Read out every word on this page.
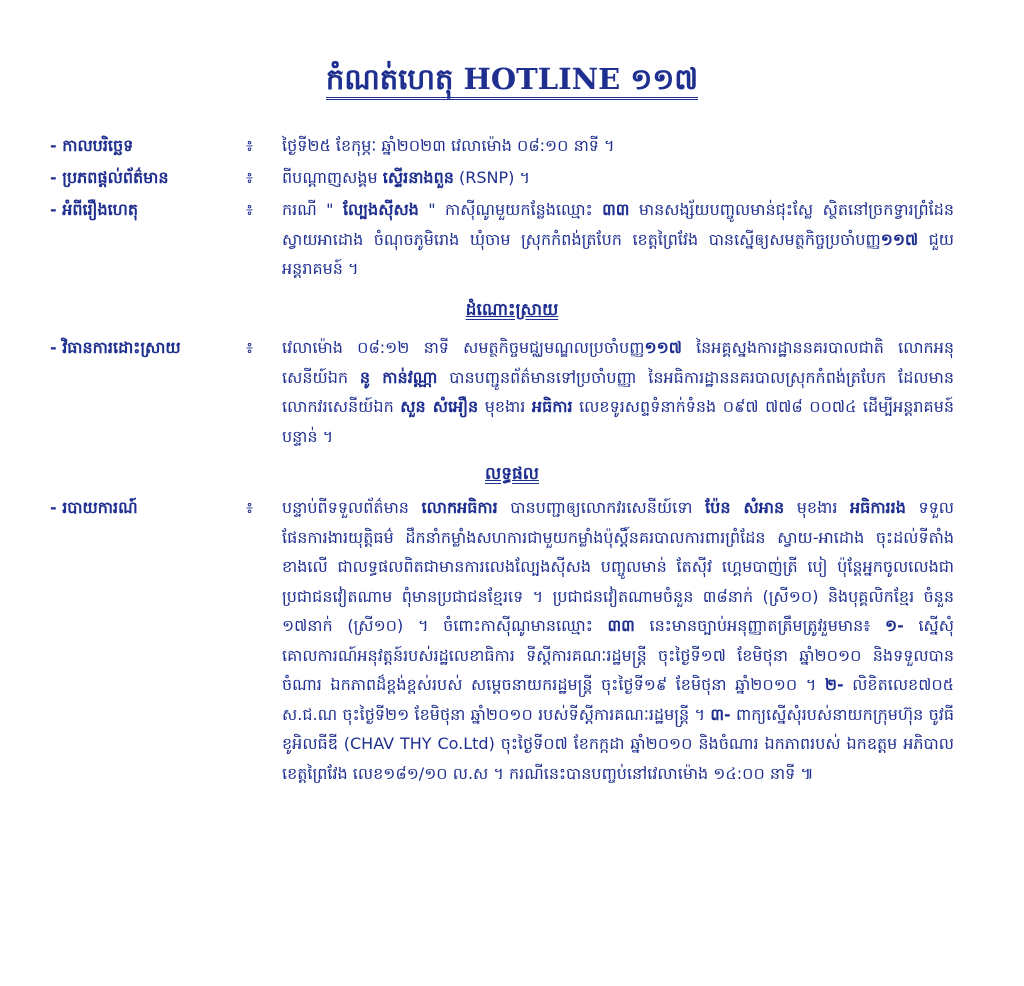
កំណត់ហេតុ HOTLINE ១១៧
- កាលបរិច្ឆេទ	៖	ថ្ងៃទី២៥ ខែកុម្ភៈ ឆ្នាំ២០២៣ វេលាម៉ោង ០៨:១០ នាទី ។
- ប្រភពផ្ដល់ព័ត៌មាន	៖	ពីបណ្ដាញសង្គម ស្ទើរនាងពួន (RSNP) ។
- អំពីរឿងហេតុ	៖	ករណី " ល្បែងស៊ីសង " កាស៊ីណូមួយកន្លែងឈ្មោះ ៣៣ មានសង្ស័យបញ្ចូលមាន់ជុះស្លែ ស្ថិតនៅច្រកទ្វារព្រំដែនស្វាយអាដោង ចំណុចភូមិរោង ឃុំចាម ស្រុកកំពង់ត្របែក ខេត្តព្រៃវែង បានស្នើឲ្យសមត្ថកិច្ចប្រចាំបញ្ញ១១៧ ជួយអន្តរាគមន៍ ។
ដំណោះស្រាយ
- វិធានការដោះស្រាយ	៖	វេលាម៉ោង ០៨:១២ នាទី សមត្ថកិច្ចមជ្ឈមណ្ឌលប្រចាំបញ្ញ១១៧ នៃអគ្គស្នងការដ្ឋាននគរបាលជាតិ លោកអនុសេនីយ៍ឯក នូ កាន់វណ្ណា បានបញ្ជូនព័ត៌មានទៅប្រចាំបញ្ញា នៃអធិការដ្ឋាននគរបាលស្រុកកំពង់ត្របែក ដែលមានលោកវរសេនីយ៍ឯក សួន សំអឿន មុខងារ អធិការ លេខទូរសព្ទទំនាក់ទំនង ០៩៧ ៧៧៨ ០០៧៤ ដើម្បីអន្តរាគមន៍បន្ទាន់ ។
លទ្ធផល
- របាយការណ៍	៖	បន្ទាប់ពីទទួលព័ត៌មាន លោកអធិការ បានបញ្ជាឲ្យលោកវរសេនីយ៍ទោ ប៉ែន សំអាន មុខងារ អធិការរង ទទួលផែនការងារយុត្តិធម៌ ដឹកនាំកម្លាំងសហការជាមួយកម្លាំងប៉ុស្ដិ៍នគរបាលការពារព្រំដែន ស្វាយ-អាដោង ចុះដល់ទីតាំងខាងលើ ជាលទ្ធផលពិតជាមានការលេងល្បែងស៊ីសង បញ្ចូលមាន់ តែស៊ីវ ហ្គេមបាញ់ត្រី បៀ ប៉ុន្តែអ្នកចូលលេងជាប្រជាជនវៀតណាម ពុំមានប្រជាជនខ្មែរទេ ។ ប្រជាជនវៀតណាមចំនួន ៣៨នាក់ (ស្រី១០) និងបុគ្គលិកខ្មែរ ចំនួន ១៧នាក់ (ស្រី១០) ។ ចំពោះកាស៊ីណូមានឈ្មោះ ៣៣ នេះមានច្បាប់អនុញ្ញាតត្រឹមត្រូវរួមមាន៖ ១- ស្នើសុំគោលការណ៍អនុវត្តន៍របស់រដ្ឋលេខាធិការ ទីស្ដីការគណៈរដ្ឋមន្ត្រី ចុះថ្ងៃទី១៧ ខែមិថុនា ឆ្នាំ២០១០ និងទទួលបានចំណារ ឯកភាពដ៏ខ្ពង់ខ្ពស់របស់ សម្ដេចនាយករដ្ឋមន្ត្រី ចុះថ្ងៃទី១៩ ខែមិថុនា ឆ្នាំ២០១០ ។ ២- លិខិតលេខ៧០៥ ស.ជ.ណ ចុះថ្ងៃទី២១ ខែមិថុនា ឆ្នាំ២០១០ របស់ទីស្ដីការគណៈរដ្ឋមន្ត្រី ។ ៣- ពាក្យស្នើសុំរបស់នាយកក្រុមហ៊ុន ចូវធី ខូអិលធីឌី (CHAV THY Co.Ltd) ចុះថ្ងៃទី០៧ ខែកក្កដា ឆ្នាំ២០១០ និងចំណារ ឯកភាពរបស់ ឯកឧត្តម អភិបាលខេត្តព្រៃវែង លេខ១៨១/១០ ល.ស ។ ករណីនេះបានបញ្ចប់នៅវេលាម៉ោង ១៤:០០ នាទី ៕
